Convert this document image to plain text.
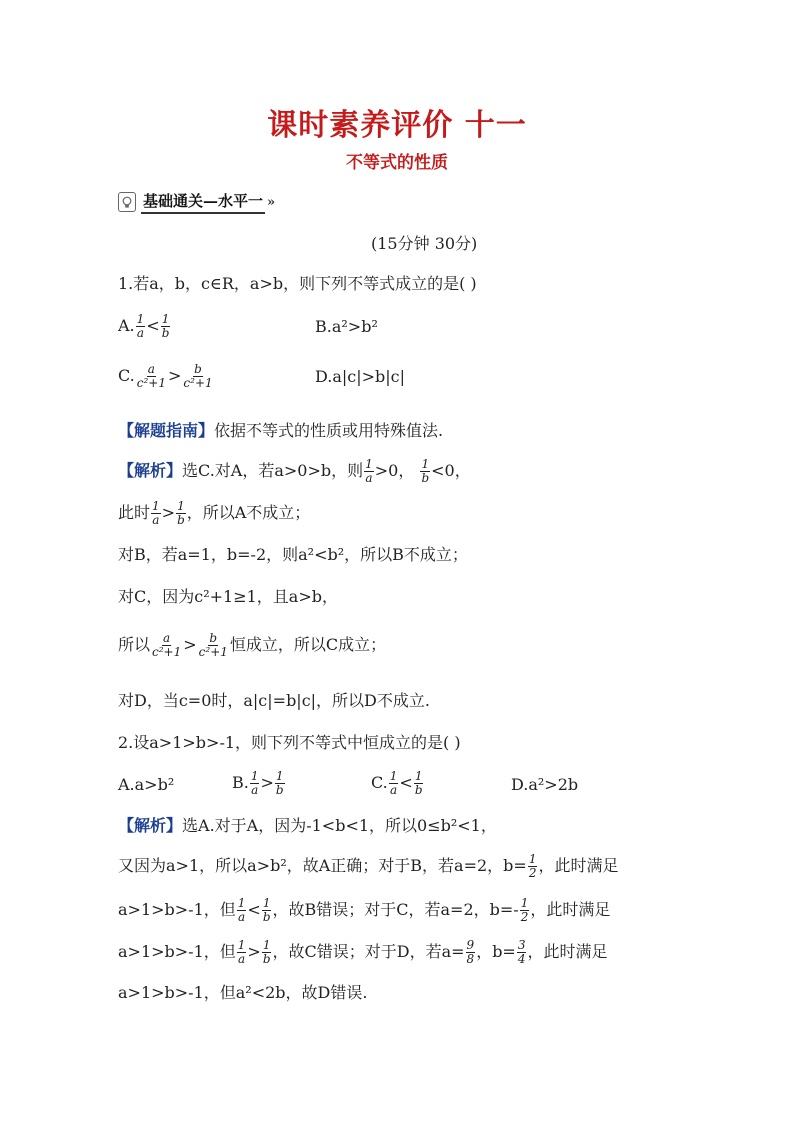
课时素养评价 十一
不等式的性质
基础通关—水平一 »
(15分钟 30分)
1.若a，b，c∈R，a>b，则下列不等式成立的是( )
A. $\frac{1}{a} < \frac{1}{b}$	B.a²>b²
C. $\frac{a}{\text{c²+1}} > \frac{b}{\text{c²+1}}$	D.a|c|>b|c|
【解题指南】依据不等式的性质或用特殊值法.
【解析】选C.对A，若a>0>b，则 $\frac{1}{a} >0$， $\frac{1}{b} <0$，
此时 $\frac{1}{a} > \frac{1}{b}$ ，所以A不成立；
对B，若a=1，b=-2，则a²<b²，所以B不成立；
对C，因为c²+1≥1，且a>b，
所以 $\frac{a}{\text{c²+1}} > \frac{b}{\text{c²+1}}$ 恒成立，所以C成立；
对D，当c=0时，a|c|=b|c|，所以D不成立.
2.设a>1>b>-1，则下列不等式中恒成立的是( )
A.a>b²	B. $\frac{1}{a} > \frac{1}{b}$	C. $\frac{1}{a} < \frac{1}{b}$	D.a²>2b
【解析】选A.对于A，因为-1<b<1，所以0≤b²<1，
又因为a>1，所以a>b²，故A正确；对于B，若a=2，$b= \frac{1}{2}$ ，此时满足
a>1>b>-1，但 $\frac{1}{a} < \frac{1}{b}$ ，故B错误；对于C，若a=2，$b=- \frac{1}{2}$ ，此时满足
a>1>b>-1，但 $\frac{1}{a} > \frac{1}{b}$ ，故C错误；对于D，若$a= \frac{9}{8}$ ，$b= \frac{3}{4}$ ，此时满足
a>1>b>-1，但a²<2b，故D错误.
